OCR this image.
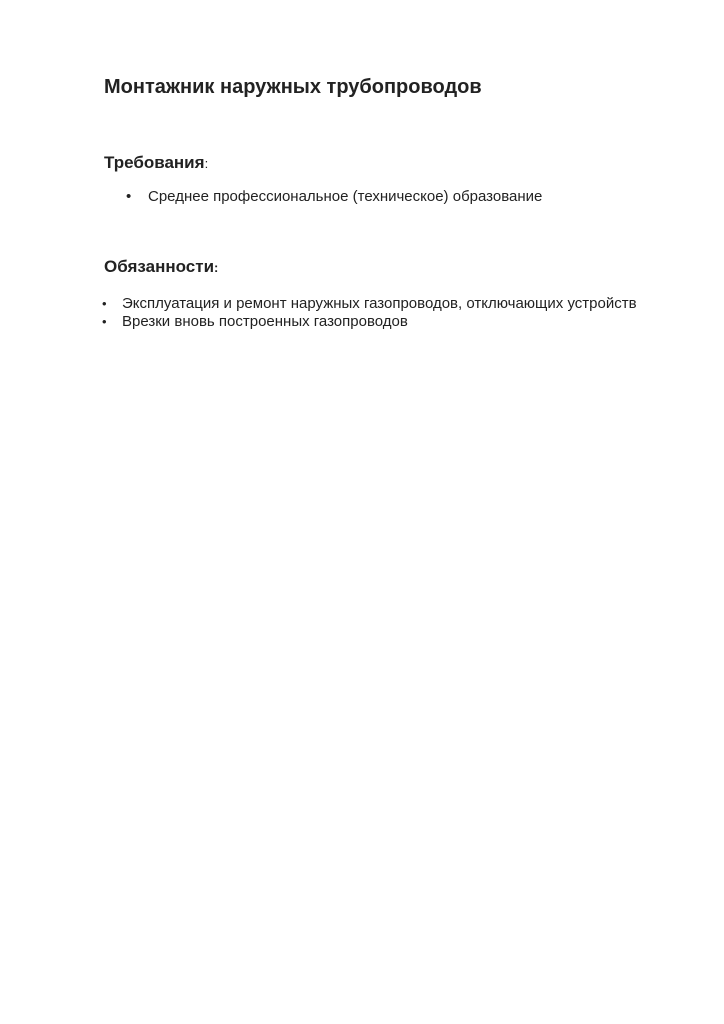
Монтажник наружных трубопроводов
Требования:
• Среднее профессиональное (техническое) образование
Обязанности:
• Эксплуатация и ремонт наружных газопроводов, отключающих устройств
• Врезки вновь построенных газопроводов
